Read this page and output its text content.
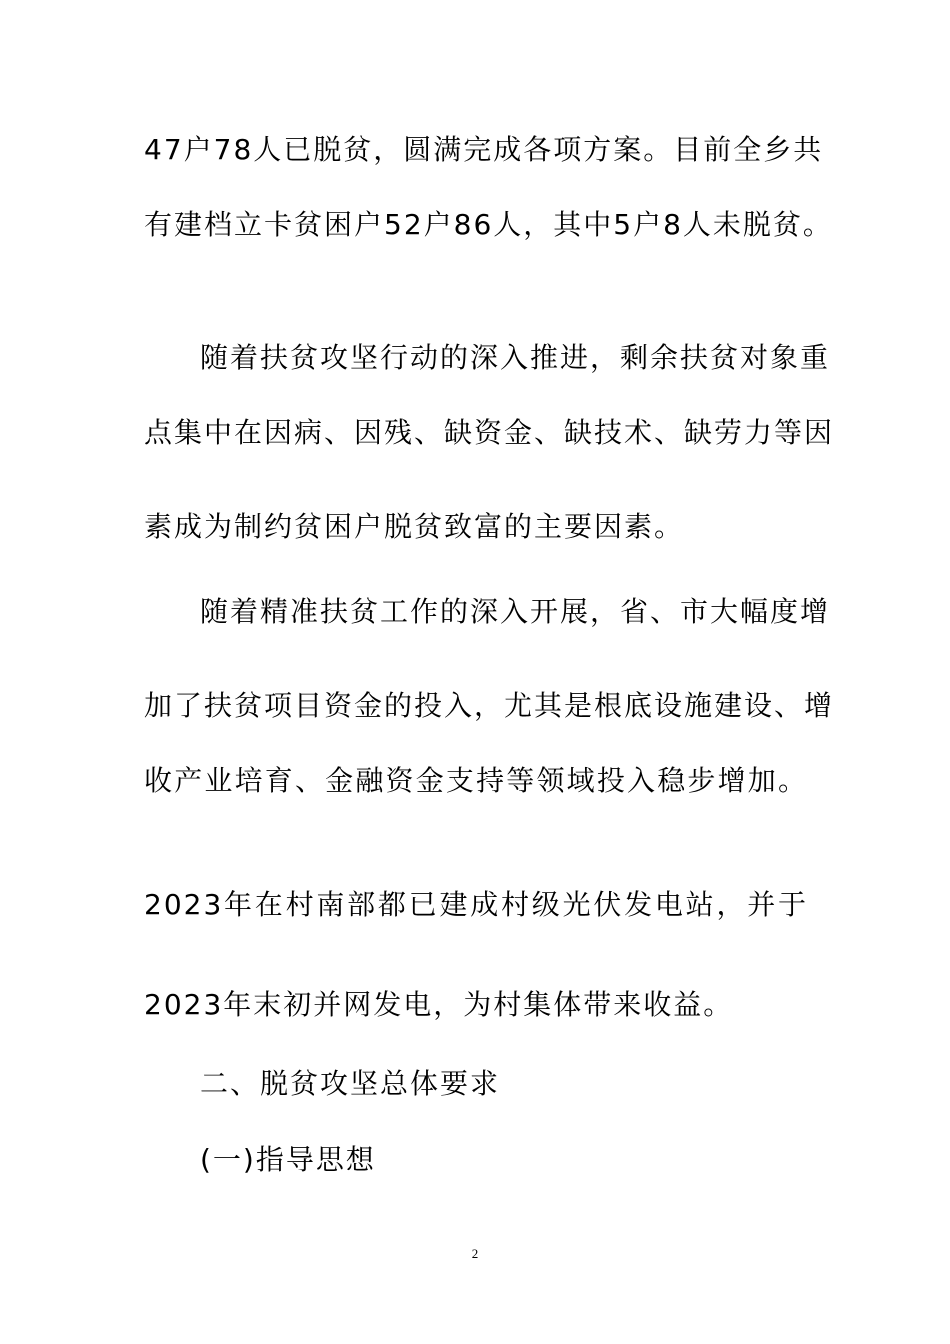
47户78人已脱贫，圆满完成各项方案。目前全乡共
有建档立卡贫困户52户86人，其中5户8人未脱贫。
随着扶贫攻坚行动的深入推进，剩余扶贫对象重
点集中在因病、因残、缺资金、缺技术、缺劳力等因
素成为制约贫困户脱贫致富的主要因素。
随着精准扶贫工作的深入开展，省、市大幅度增
加了扶贫项目资金的投入，尤其是根底设施建设、增
收产业培育、金融资金支持等领域投入稳步增加。
2023年在村南部都已建成村级光伏发电站，并于
2023年末初并网发电，为村集体带来收益。
二、脱贫攻坚总体要求
(一)指导思想
2
